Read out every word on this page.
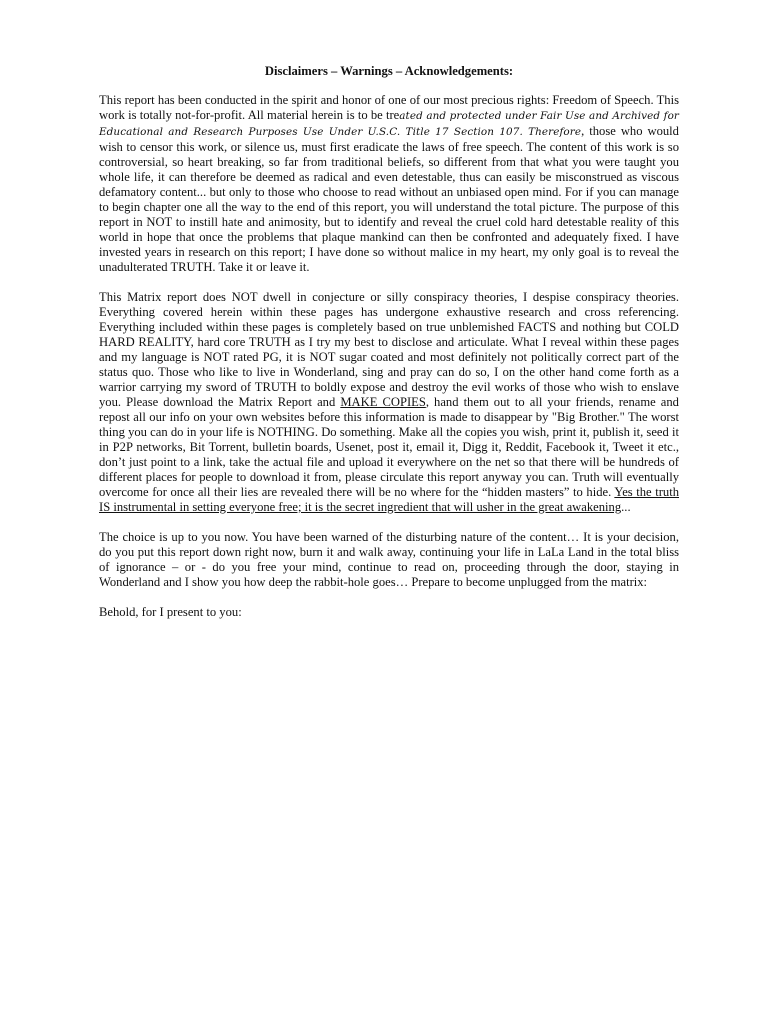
Disclaimers – Warnings – Acknowledgements:

This report has been conducted in the spirit and honor of one of our most precious rights: Freedom of Speech. This work is totally not-for-profit. All material herein is to be treated and protected under Fair Use and Archived for Educational and Research Purposes Use Under U.S.C. Title 17 Section 107. Therefore, those who would wish to censor this work, or silence us, must first eradicate the laws of free speech. The content of this work is so controversial, so heart breaking, so far from traditional beliefs, so different from that what you were taught you whole life, it can therefore be deemed as radical and even detestable, thus can easily be misconstrued as viscous defamatory content... but only to those who choose to read without an unbiased open mind. For if you can manage to begin chapter one all the way to the end of this report, you will understand the total picture. The purpose of this report in NOT to instill hate and animosity, but to identify and reveal the cruel cold hard detestable reality of this world in hope that once the problems that plaque mankind can then be confronted and adequately fixed. I have invested years in research on this report; I have done so without malice in my heart, my only goal is to reveal the unadulterated TRUTH. Take it or leave it.

This Matrix report does NOT dwell in conjecture or silly conspiracy theories, I despise conspiracy theories. Everything covered herein within these pages has undergone exhaustive research and cross referencing. Everything included within these pages is completely based on true unblemished FACTS and nothing but COLD HARD REALITY, hard core TRUTH as I try my best to disclose and articulate. What I reveal within these pages and my language is NOT rated PG, it is NOT sugar coated and most definitely not politically correct part of the status quo. Those who like to live in Wonderland, sing and pray can do so, I on the other hand come forth as a warrior carrying my sword of TRUTH to boldly expose and destroy the evil works of those who wish to enslave you. Please download the Matrix Report and MAKE COPIES, hand them out to all your friends, rename and repost all our info on your own websites before this information is made to disappear by "Big Brother." The worst thing you can do in your life is NOTHING. Do something. Make all the copies you wish, print it, publish it, seed it in P2P networks, Bit Torrent, bulletin boards, Usenet, post it, email it, Digg it, Reddit, Facebook it, Tweet it etc., don’t just point to a link, take the actual file and upload it everywhere on the net so that there will be hundreds of different places for people to download it from, please circulate this report anyway you can. Truth will eventually overcome for once all their lies are revealed there will be no where for the “hidden masters” to hide. Yes the truth IS instrumental in setting everyone free; it is the secret ingredient that will usher in the great awakening...

The choice is up to you now. You have been warned of the disturbing nature of the content… It is your decision, do you put this report down right now, burn it and walk away, continuing your life in LaLa Land in the total bliss of ignorance – or - do you free your mind, continue to read on, proceeding through the door, staying in Wonderland and I show you how deep the rabbit-hole goes… Prepare to become unplugged from the matrix:

Behold, for I present to you:
